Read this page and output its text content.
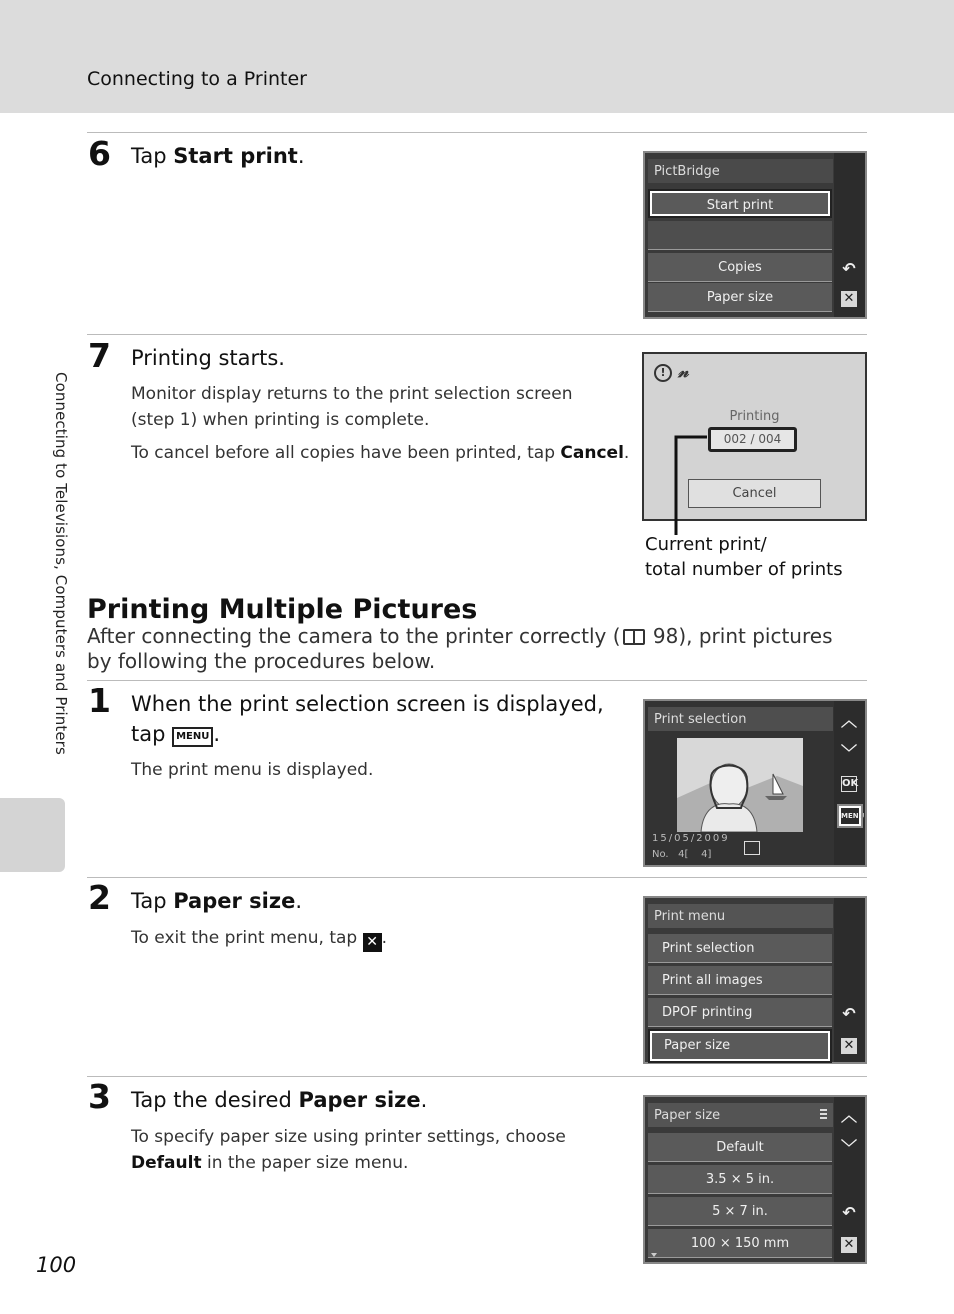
Connecting to a Printer
Connecting to Televisions, Computers and Printers
6 Tap Start print.
PictBridge
Start print
Copies
Paper size
↶
✕
7 Printing starts.
Monitor display returns to the print selection screen (step 1) when printing is complete.
To cancel before all copies have been printed, tap Cancel.
! 𝓃
Printing
002 / 004
Cancel
Current print/
total number of prints
Printing Multiple Pictures
After connecting the camera to the printer correctly ( 98), print pictures by following the procedures below.
1 When the print selection screen is displayed,
tap MENU .
The print menu is displayed.
Print selection
15/05/2009
No.   4[    4]
︿
﹀
OK
MENU
2 Tap Paper size.
To exit the print menu, tap ✕ .
Print menu
Print selection
Print all images
DPOF printing
Paper size
↶
✕
3 Tap the desired Paper size.
To specify paper size using printer settings, choose
Default in the paper size menu.
Paper size
Default
3.5 × 5 in.
5 × 7 in.
100 × 150 mm
︿
﹀
↶
✕
100
